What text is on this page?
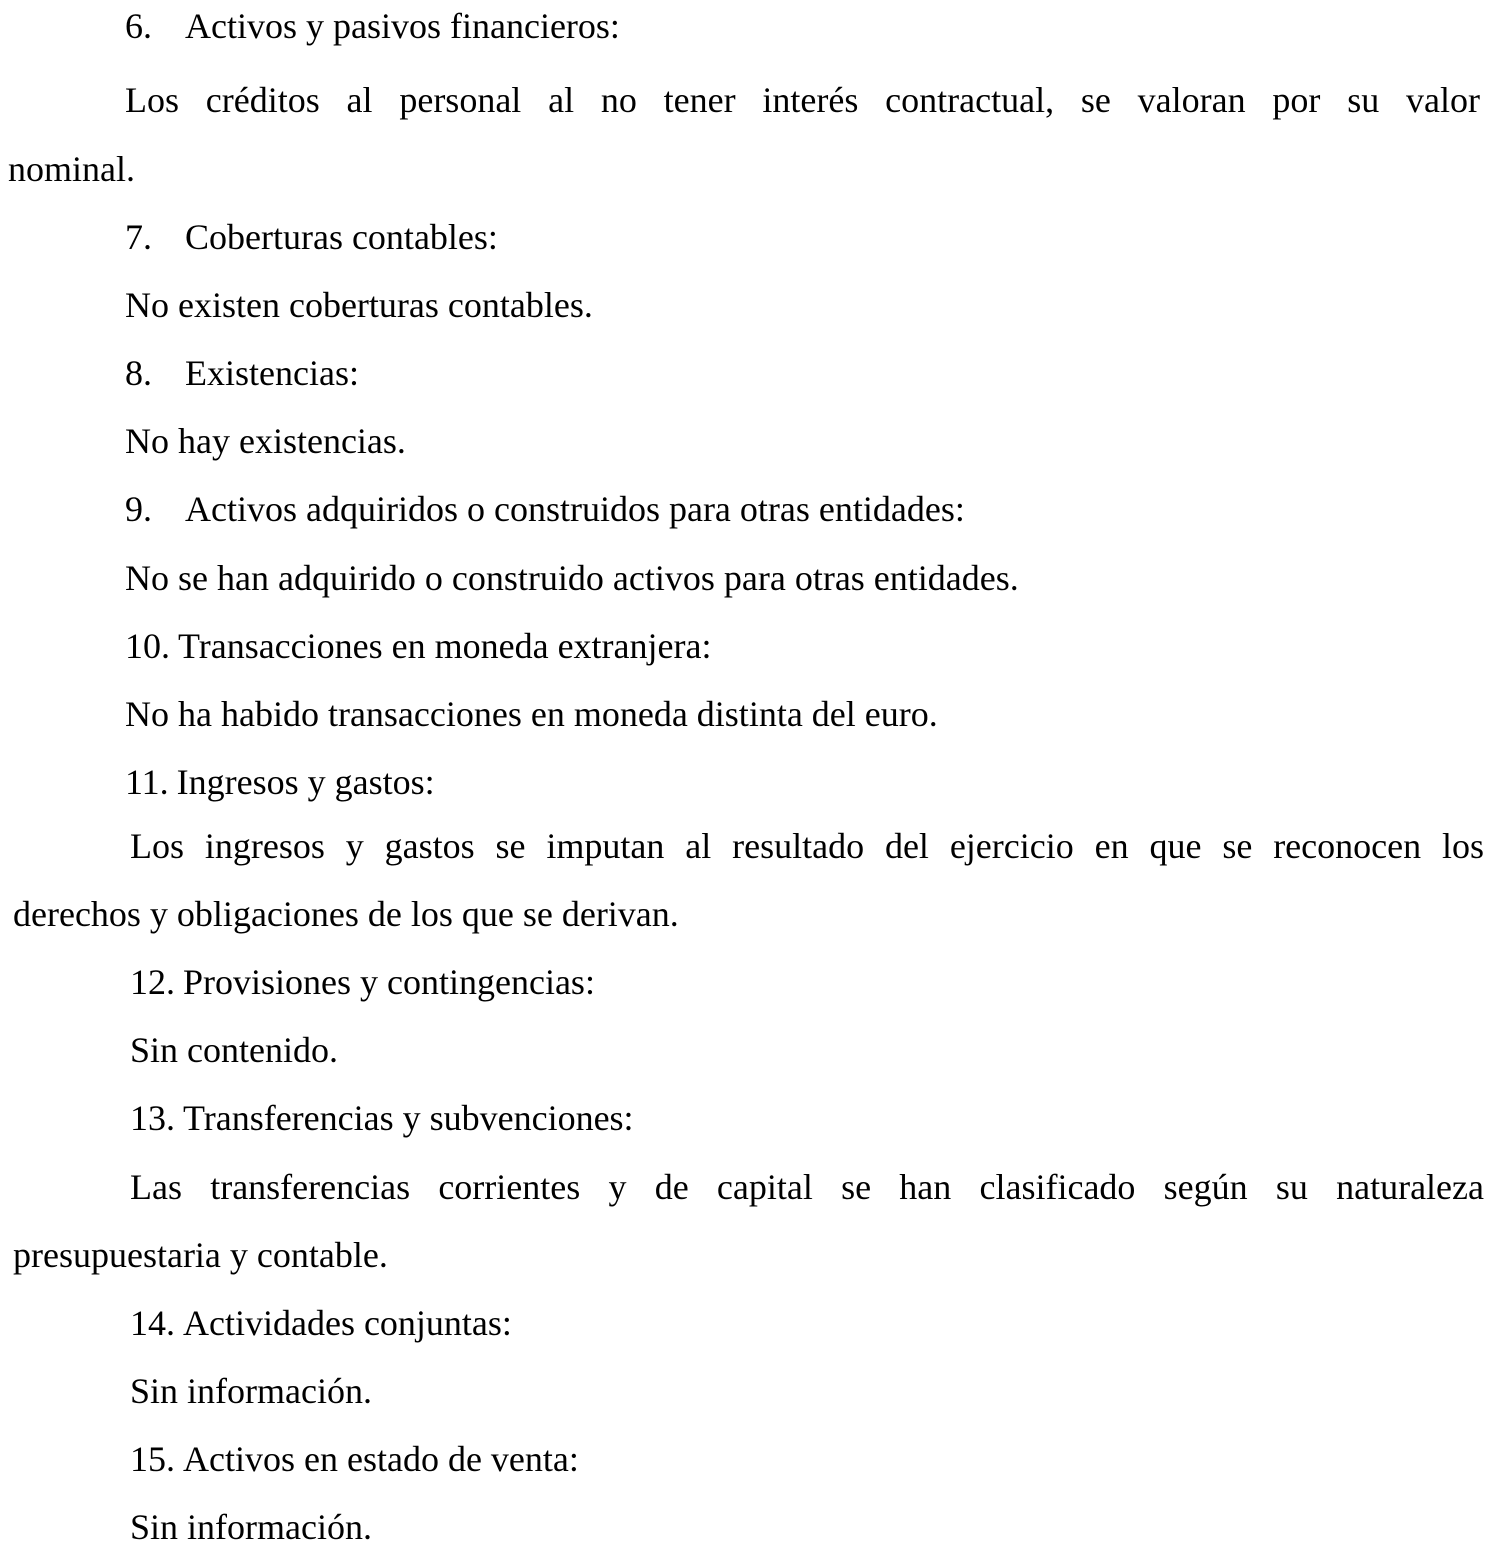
6. Activos y pasivos financieros:

Los créditos al personal al no tener interés contractual, se valoran por su valor

nominal.

7. Coberturas contables:

No existen coberturas contables.

8. Existencias:

No hay existencias.

9. Activos adquiridos o construidos para otras entidades:

No se han adquirido o construido activos para otras entidades.

10. Transacciones en moneda extranjera:

No ha habido transacciones en moneda distinta del euro.

11. Ingresos y gastos:

Los ingresos y gastos se imputan al resultado del ejercicio en que se reconocen los

derechos y obligaciones de los que se derivan.

12. Provisiones y contingencias:

Sin contenido.

13. Transferencias y subvenciones:

Las transferencias corrientes y de capital se han clasificado según su naturaleza

presupuestaria y contable.

14. Actividades conjuntas:

Sin información.

15. Activos en estado de venta:

Sin información.
